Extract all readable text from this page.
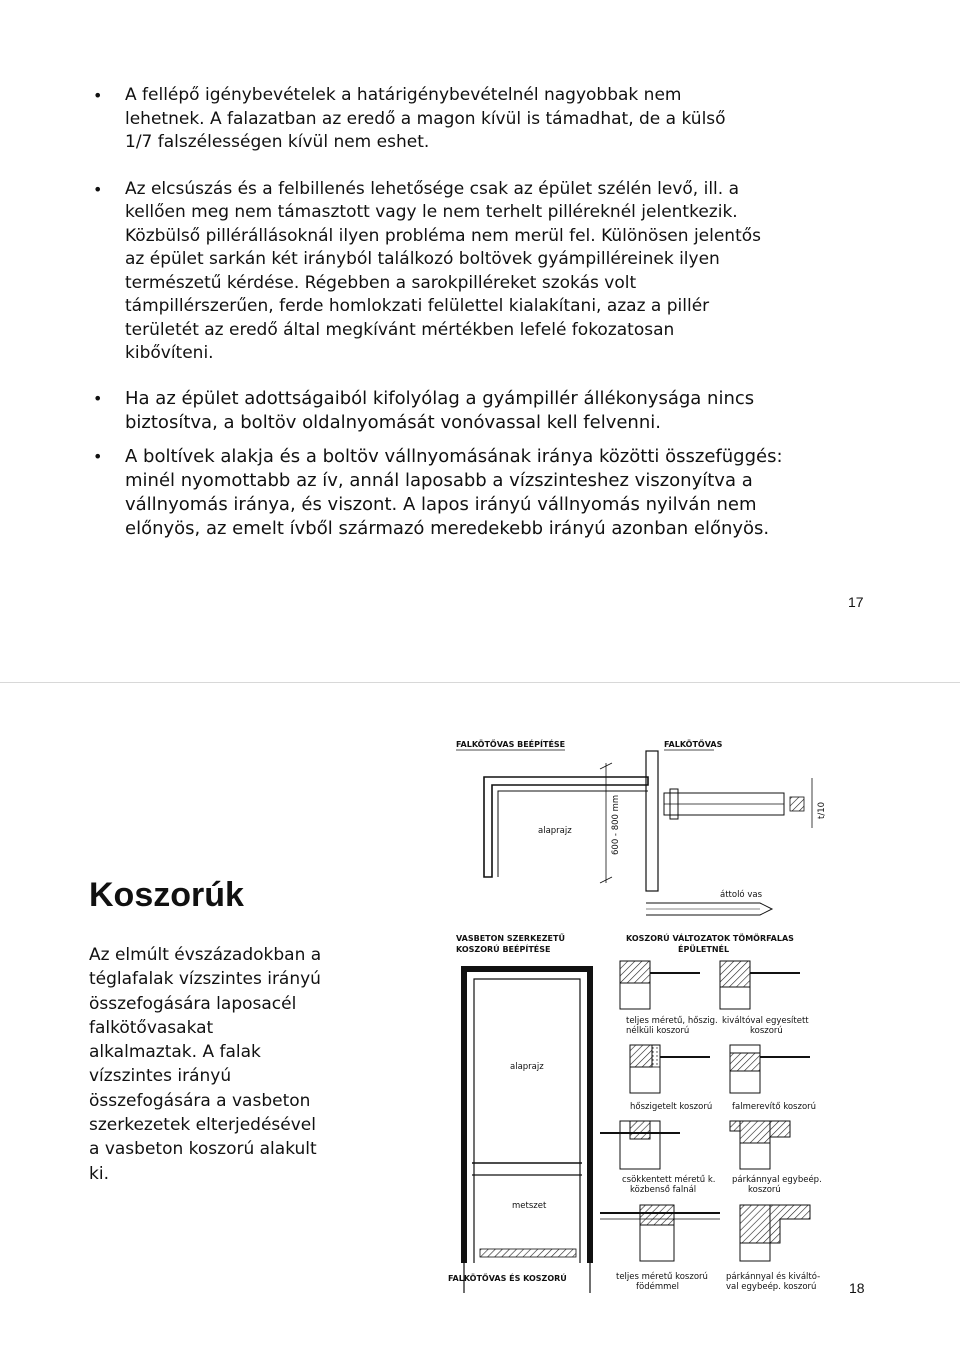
• A fellépő igénybevételek a határigénybevételnél nagyobbak nem
lehetnek. A falazatban az eredő a magon kívül is támadhat, de a külső
1/7 falszélességen kívül nem eshet.
• Az elcsúszás és a felbillenés lehetősége csak az épület szélén levő, ill. a
kellően meg nem támasztott vagy le nem terhelt pilléreknél jelentkezik.
Közbülső pillérállásoknál ilyen probléma nem merül fel. Különösen jelentős
az épület sarkán két irányból találkozó boltövek gyámpilléreinek ilyen
természetű kérdése. Régebben a sarokpilléreket szokás volt
támpillérszerűen, ferde homlokzati felülettel kialakítani, azaz a pillér
területét az eredő által megkívánt mértékben lefelé fokozatosan
kibővíteni.
• Ha az épület adottságaiból kifolyólag a gyámpillér állékonysága nincs
biztosítva, a boltöv oldalnyomását vonóvassal kell felvenni.
• A boltívek alakja és a boltöv vállnyomásának iránya közötti összefüggés:
minél nyomottabb az ív, annál laposabb a vízszinteshez viszonyítva a
vállnyomás iránya, és viszont. A lapos irányú vállnyomás nyilván nem
előnyös, az emelt ívből származó meredekebb irányú azonban előnyös.
17
Koszorúk
Az elmúlt évszázadokban a
téglafalak vízszintes irányú
összefogására laposacél
falkötővasakat
alkalmaztak. A falak
vízszintes irányú
összefogására a vasbeton
szerkezetek elterjedésével
a vasbeton koszorú alakult
ki.
FALKÖTŐVAS BEÉPÍTÉSE
alaprajz	600 - 800 mm
FALKÖTŐVAS
t/10
áttoló vas
VASBETON SZERKEZETŰ
KOSZORÚ BEÉPÍTÉSE
alaprajz
metszet
KOSZORÚ VÁLTOZATOK TÖMÖRFALAS
ÉPÜLETNÉL
teljes méretű, hőszig.
nélküli koszorú
kiváltóval egyesített
koszorú
hőszigetelt koszorú falmerevítő koszorú
csökkentett méretű k.
közbenső falnál
párkánnyal egybeép.
koszorú
FALKÖTŐVAS ÉS KOSZORÚ	teljes méretű koszorú
födémmel
párkánnyal és kiváltó-
val egybeép. koszorú 18
